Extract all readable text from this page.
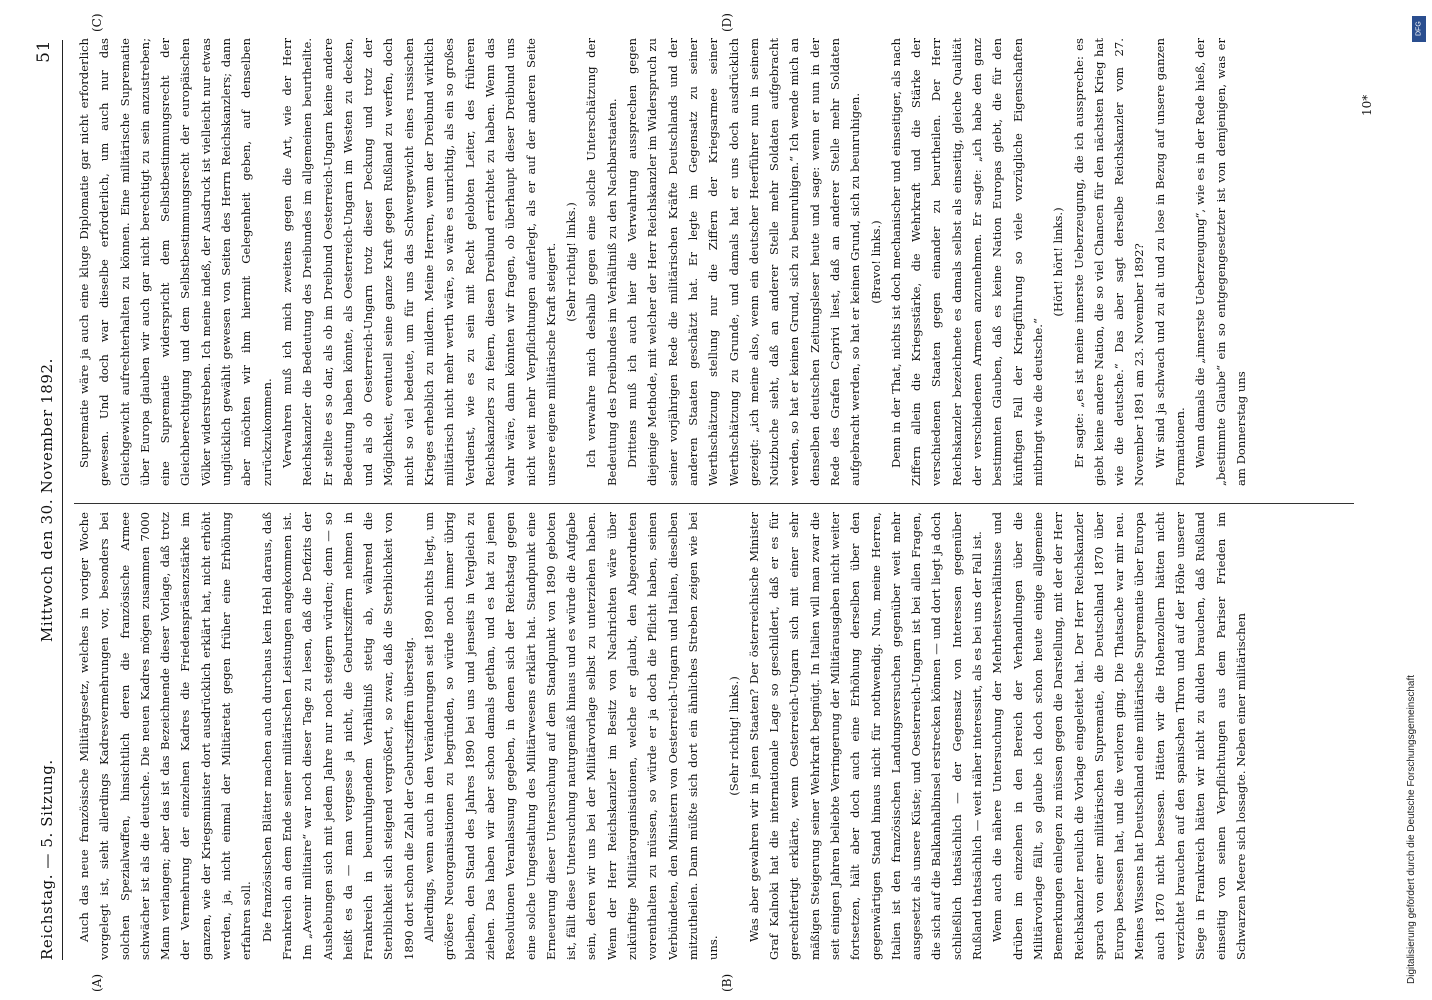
Reichstag. — 5. Sitzung.
Mittwoch den 30. November 1892.
51
(A)	(B)
(C)	(D)

Auch das neue französische Militärgesetz, welches in voriger Woche vorgelegt ist, sieht allerdings Kadresvermehrungen vor, besonders bei solchen Spezialwaffen, hinsichtlich deren die französische Armee schwächer ist als die deutsche. Die neuen Kadres mögen zusammen 7000 Mann verlangen; aber das ist das Bezeichnende dieser Vorlage, daß trotz der Vermehrung der einzelnen Kadres die Friedenspräsenzstärke im ganzen, wie der Kriegsminister dort ausdrücklich erklärt hat, nicht erhöht werden, ja, nicht einmal der Militäretat gegen früher eine Erhöhung erfahren soll. Die französischen Blätter machen auch durchaus kein Hehl daraus, daß Frankreich an dem Ende seiner militärischen Leistungen angekommen ist. Im „Avenir militaire“ war noch dieser Tage zu lesen, daß die Defizits der Aushebungen sich mit jedem Jahre nur noch steigern würden; denn — so heißt es da — man vergesse ja nicht, die Geburtsziffern nehmen in Frankreich in beunruhigendem Verhältniß stetig ab, während die Sterblichkeit sich steigend vergrößert, so zwar, daß die Sterblichkeit von 1890 dort schon die Zahl der Geburtsziffern übersteig. Allerdings, wenn auch in den Veränderungen seit 1890 nichts liegt, um größere Neuorganisationen zu begründen, so würde noch immer übrig bleiben, den Stand des Jahres 1890 bei uns und jenseits in Vergleich zu ziehen. Das haben wir aber schon damals gethan, und es hat zu jenen Resolutionen Veranlassung gegeben, in denen sich der Reichstag gegen eine solche Umgestaltung des Militärwesens erklärt hat. Standpunkt eine Erneuerung dieser Untersuchung auf dem Standpunkt von 1890 geboten ist, fällt diese Untersuchung naturgemäß hinaus und es würde die Aufgabe sein, deren wir uns bei der Militärvorlage selbst zu unterziehen haben. Wenn der Herr Reichskanzler im Besitz von Nachrichten wäre über zukünftige Militärorganisationen, welche er glaubt, den Abgeordneten vorenthalten zu müssen, so würde er ja doch die Pflicht haben, seinen Verbündeten, den Ministern von Oesterreich-Ungarn und Italien, dieselben mitzutheilen. Dann müßte sich dort ein ähnliches Streben zeigen wie bei uns.

(Sehr richtig! links.) Was aber gewahren wir in jenen Staaten? Der österreichische Minister Graf Kalnoki hat die internationale Lage so geschildert, daß er es für gerechtfertigt erklärte, wenn Oesterreich-Ungarn sich mit einer sehr mäßigen Steigerung seiner Wehrkraft begnügt. In Italien will man zwar die seit einigen Jahren beliebte Verringerung der Militärausgaben nicht weiter fortsetzen, hält aber doch auch eine Erhöhung derselben über den gegenwärtigen Stand hinaus nicht für nothwendig. Nun, meine Herren, Italien ist den französischen Landungsversuchen gegenüber weit mehr ausgesetzt als unsere Küste; und Oesterreich-Ungarn ist bei allen Fragen, die sich auf die Balkanhalbinsel erstrecken können — und dort liegt ja doch schließlich thatsächlich — der Gegensatz von Interessen gegenüber Rußland thatsächlich — weit näher interessirt, als es bei uns der Fall ist. Wenn auch die nähere Untersuchung der Mehrheitsverhältnisse und drüben im einzelnen in den Bereich der Verhandlungen über die Militärvorlage fällt, so glaube ich doch schon heute einige allgemeine Bemerkungen einlegen zu müssen gegen die Darstellung, mit der der Herr Reichskanzler neulich die Vorlage eingeleitet hat. Der Herr Reichskanzler sprach von einer militärischen Suprematie, die Deutschland 1870 über Europa besessen hat, und die verloren ging. Die Thatsache war mir neu. Meines Wissens hat Deutschland eine militärische Suprematie über Europa auch 1870 nicht besessen. Hätten wir die Hohenzollern hätten nicht verzichtet brauchen auf den spanischen Thron und auf der Höhe unserer Siege in Frankreich hätten wir nicht zu dulden brauchen, daß Rußland einseitig von seinen Verpflichtungen aus dem Pariser Frieden im Schwarzen Meere sich lossagte. Neben einer militärischen

Suprematie wäre ja auch eine kluge Diplomatie gar nicht erforderlich gewesen. Und doch war dieselbe erforderlich, um auch nur das Gleichgewicht aufrechterhalten zu können. Eine militärische Suprematie über Europa glauben wir auch gar nicht berechtigt zu sein anzustreben; eine Suprematie widerspricht dem Selbstbestimmungsrecht der Gleichberechtigung und dem Selbstbestimmungsrecht der europäischen Völker widerstreben. Ich meine indeß, der Ausdruck ist vielleicht nur etwas unglücklich gewählt gewesen von Seiten des Herrn Reichskanzlers; dann aber möchten wir ihm hiermit Gelegenheit geben, auf denselben zurückzukommen. Verwahren muß ich mich zweitens gegen die Art, wie der Herr Reichskanzler die Bedeutung des Dreibundes im allgemeinen beurtheilte. Er stellte es so dar, als ob im Dreibund Oesterreich-Ungarn keine andere Bedeutung haben könnte, als Oesterreich-Ungarn im Westen zu decken, und als ob Oesterreich-Ungarn trotz dieser Deckung und trotz der Möglichkeit, eventuell seine ganze Kraft gegen Rußland zu werfen, doch nicht so viel bedeute, um für uns das Schwergewicht eines russischen Krieges erheblich zu mildern. Meine Herren, wenn der Dreibund wirklich militärisch nicht mehr werth wäre, so wäre es unrichtig, als ein so großes Verdienst, wie es zu sein mit Recht gelobten Leiter, des früheren Reichskanzlers zu feiern, diesen Dreibund errichtet zu haben. Wenn das wahr wäre, dann könnten wir fragen, ob überhaupt dieser Dreibund uns nicht weit mehr Verpflichtungen auferlegt, als er auf der anderen Seite unsere eigene militärische Kraft steigert. (Sehr richtig! links.) Ich verwahre mich deshalb gegen eine solche Unterschätzung der Bedeutung des Dreibundes im Verhältniß zu den Nachbarstaaten. Drittens muß ich auch hier die Verwahrung aussprechen gegen diejenige Methode, mit welcher der Herr Reichskanzler im Widerspruch zu seiner vorjährigen Rede die militärischen Kräfte Deutschlands und der anderen Staaten geschätzt hat. Er legte im Gegensatz zu seiner Werthschätzung stellung nur die Ziffern der Kriegsarmee seiner Werthschätzung zu Grunde, und damals hat er uns doch ausdrücklich gezeigt: „ich meine also, wenn ein deutscher Heerführer nun in seinem Notizbuche sieht, daß an anderer Stelle mehr Soldaten aufgebracht werden, so hat er keinen Grund, sich zu beunruhigen.“ Ich wende mich an denselben deutschen Zeitungsleser heute und sage: wenn er nun in der Rede des Grafen Caprivi liest, daß an anderer Stelle mehr Soldaten aufgebracht werden, so hat er keinen Grund, sich zu beunruhigen. (Bravo! links.) Denn in der That, nichts ist doch mechanischer und einseitiger, als nach Ziffern allein die Kriegsstärke, die Wehrkraft und die Stärke der verschiedenen Staaten gegen einander zu beurtheilen. Der Herr Reichskanzler bezeichnete es damals selbst als einseitig, gleiche Qualität der verschiedenen Armeen anzunehmen. Er sagte: „ich habe den ganz bestimmten Glauben, daß es keine Nation Europas giebt, die für den künftigen Fall der Kriegführung so viele vorzügliche Eigenschaften mitbringt wie die deutsche.“

(Hört! hört! links.) Er sagte: „es ist meine innerste Ueberzeugung, die ich ausspreche: es giebt keine andere Nation, die so viel Chancen für den nächsten Krieg hat wie die deutsche.“ Das aber sagt derselbe Reichskanzler vom 27. November 1891 am 23. November 1892? Wir sind ja schwach und zu alt und zu lose in Bezug auf unsere ganzen Formationen. Wenn damals die „innerste Ueberzeugung“, wie es in der Rede hieß, der „bestimmte Glaube“ ein so entgegengesetzter ist von demjenigen, was er am Donnerstag uns

10*
Digitalisierung gefördert durch die Deutsche Forschungsgemeinschaft
DFG
